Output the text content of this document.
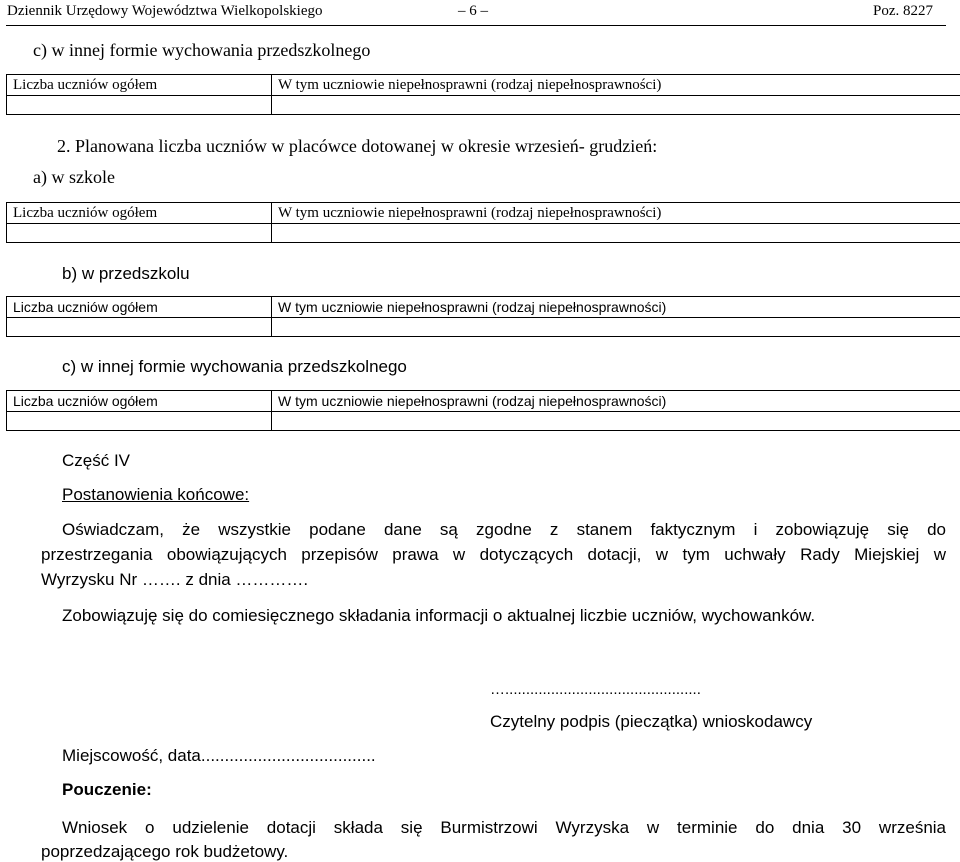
Dziennik Urzędowy Województwa Wielkopolskiego	– 6 –	Poz. 8227
c) w innej formie wychowania przedszkolnego
Liczba uczniów ogółem	W tym uczniowie niepełnosprawni (rodzaj niepełnosprawności)

2. Planowana liczba uczniów w placówce dotowanej w okresie wrzesień- grudzień:
a) w szkole
Liczba uczniów ogółem	W tym uczniowie niepełnosprawni (rodzaj niepełnosprawności)

b) w przedszkolu
Liczba uczniów ogółem	W tym uczniowie niepełnosprawni (rodzaj niepełnosprawności)

c) w innej formie wychowania przedszkolnego
Liczba uczniów ogółem	W tym uczniowie niepełnosprawni (rodzaj niepełnosprawności)

Część IV
Postanowienia końcowe:
Oświadczam, że wszystkie podane dane są zgodne z stanem faktycznym i zobowiązuję się do
przestrzegania obowiązujących przepisów prawa w dotyczących dotacji, w tym uchwały Rady Miejskiej w
Wyrzysku Nr ……. z dnia ………….
Zobowiązuję się do comiesięcznego składania informacji o aktualnej liczbie uczniów, wychowanków.
…...............................................
Czytelny podpis (pieczątka) wnioskodawcy
Miejscowość, data.....................................
Pouczenie:
Wniosek o udzielenie dotacji składa się Burmistrzowi Wyrzyska w terminie do dnia 30 września
poprzedzającego rok budżetowy.
